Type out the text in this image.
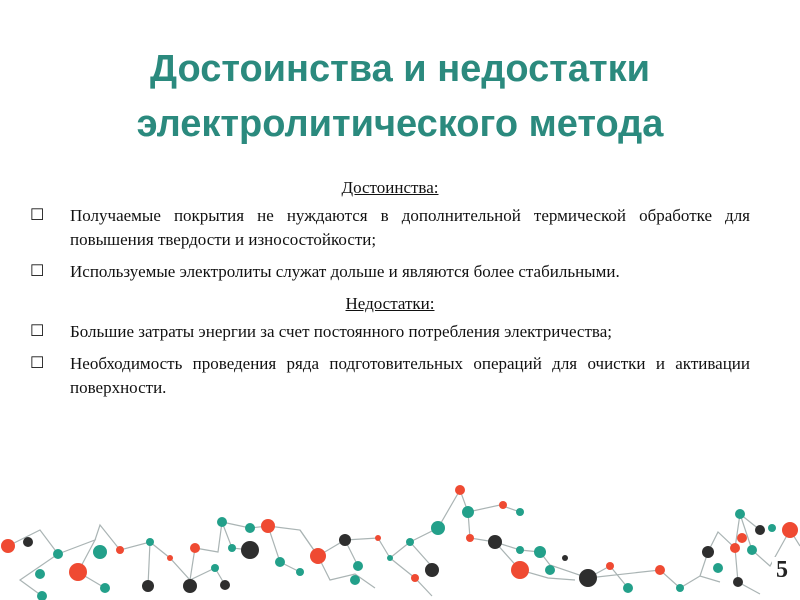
Достоинства и недостатки
электролитического метода
Достоинства:
☐	Получаемые покрытия не нуждаются в дополнительной термической обработке для повышения твердости и износостойкости;
☐	Используемые электролиты служат дольше и являются более стабильными.
Недостатки:
☐	Большие затраты энергии за счет постоянного потребления электричества;
☐	Необходимость проведения ряда подготовительных операций для очистки и активации поверхности.
5
